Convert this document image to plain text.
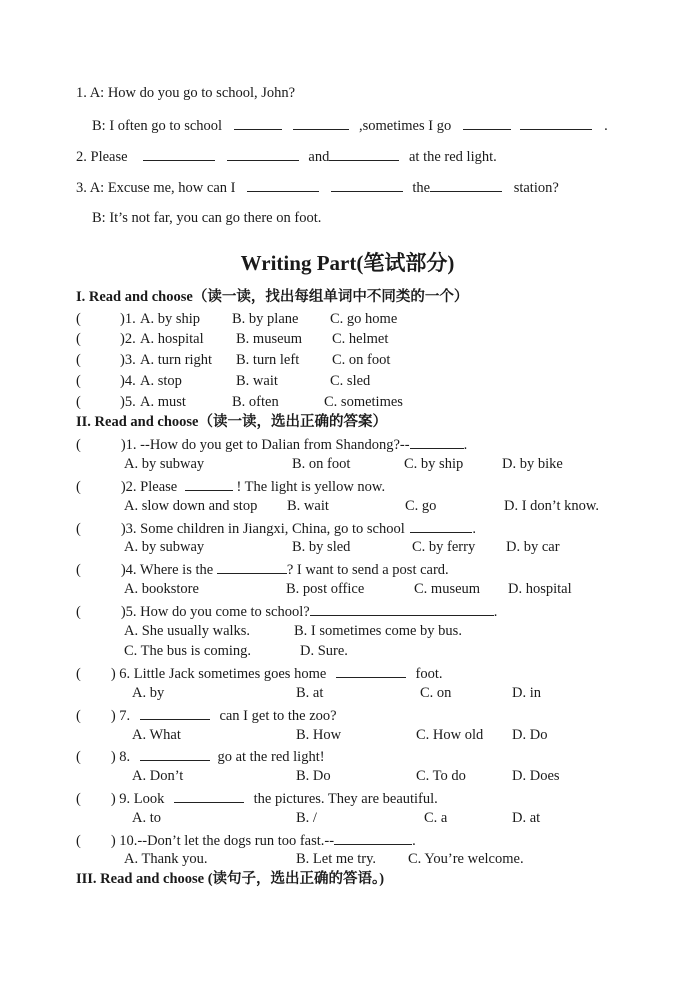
1. A: How do you go to school, John?
B: I often go to school	,sometimes I go	.
2. Please	and	at the red light.
3. A: Excuse me, how can I	the	station?
B: It’s not far, you can go there on foot.
Writing Part(笔试部分)
I. Read and choose（读一读，找出每组单词中不同类的一个）
(	)1. A. by ship B. by plane C. go home
(	)2. A. hospital B. museum C. helmet
(	)3. A. turn right B. turn left C. on foot
(	)4. A. stop	B. wait	C. sled
(	)5. A. must	B. often	C. sometimes
II. Read and choose（读一读，选出正确的答案）
(	)1. --How do you get to Dalian from Shandong?--	.
A. by subway	B. on foot	C. by ship	D. by bike
(	)2. Please	! The light is yellow now.
A. slow down and stop B. wait	C. go	D. I don’t know.
(	)3. Some children in Jiangxi, China, go to school	.
A. by subway	B. by sled	C. by ferry D. by car
(	)4. Where is the	? I want to send a post card.
A. bookstore	B. post office	C. museum D. hospital
(	)5. How do you come to school?	.
A. She usually walks.	B. I sometimes come by bus.
C. The bus is coming.	D. Sure.
( ) 6. Little Jack sometimes goes home	foot.
A. by	B. at	C. on	D. in
( ) 7.	can I get to the zoo?
A. What	B. How	C. How old D. Do
( ) 8.	go at the red light!
A. Don’t	B. Do	C. To do	D. Does
( ) 9. Look	the pictures. They are beautiful.
A. to	B. /	C. a	D. at
( ) 10.--Don’t let the dogs run too fast.--	.
A. Thank you.	B. Let me try. C. You’re welcome.
III. Read and choose (读句子，选出正确的答语。)
